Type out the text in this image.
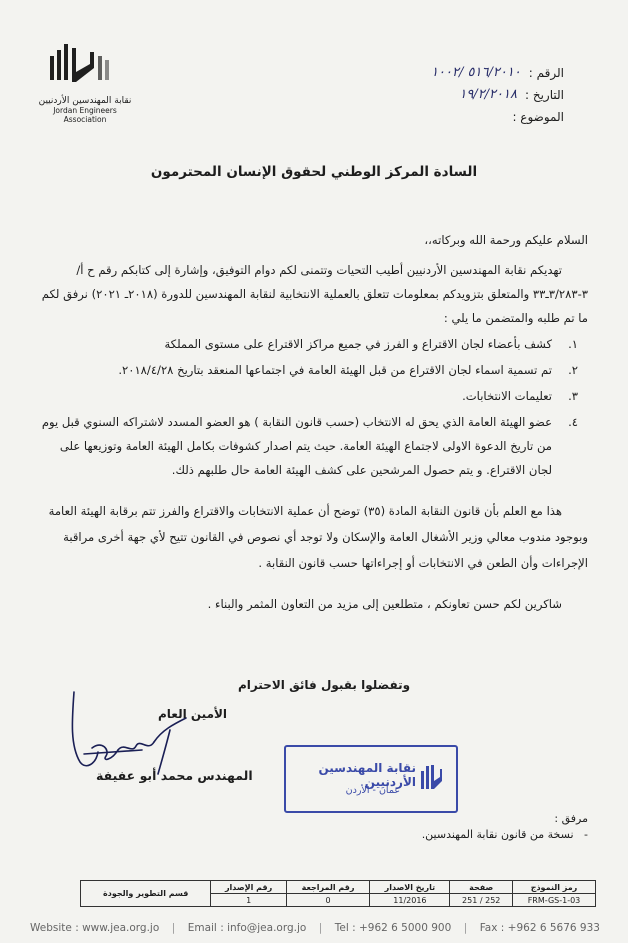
نقابة المهندسين الأردنيين
Jordan Engineers Association
الرقم :
٥١٦/٢٠١٠ /١٠٠٢
التاريخ :
١٩/٢/٢٠١٨
الموضوع :
السادة المركز الوطني لحقوق الإنسان المحترمون

السلام عليكم ورحمة الله وبركاته،،

تهديكم نقابة المهندسين الأردنيين أطيب التحيات وتتمنى لكم دوام التوفيق، وإشارة إلى كتابكم رقم ح أ/٣-٣/٢٨٣ـ٣٣ والمتعلق بتزويدكم بمعلومات تتعلق بالعملية الانتخابية لنقابة المهندسين للدورة (٢٠١٨ـ ٢٠٢١) نرفق لكم ما تم طلبه والمتضمن ما يلي :

١.
كشف بأعضاء لجان الاقتراع و الفرز في جميع مراكز الاقتراع على مستوى المملكة
٢.
تم تسمية اسماء لجان الاقتراع من قبل الهيئة العامة في اجتماعها المنعقد بتاريخ ٢٠١٨/٤/٢٨.
٣.
تعليمات الانتخابات.
٤.
عضو الهيئة العامة الذي يحق له الانتخاب (حسب قانون النقابة ) هو العضو المسدد لاشتراكه السنوي قبل يوم من تاريخ الدعوة الاولى لاجتماع الهيئة العامة. حيث يتم اصدار كشوفات بكامل الهيئة العامة وتوزيعها على لجان الاقتراع. و يتم حصول المرشحين على كشف الهيئة العامة حال طلبهم ذلك.

هذا مع العلم بأن قانون النقابة المادة (٣٥) توضح أن عملية الانتخابات والاقتراع والفرز تتم برقابة الهيئة العامة وبوجود مندوب معالي وزير الأشغال العامة والإسكان ولا توجد أي نصوص في القانون تتيح لأي جهة أخرى مراقبة الإجراءات وأن الطعن في الانتخابات أو إجراءاتها حسب قانون النقابة .

شاكرين لكم حسن تعاونكم ، متطلعين إلى مزيد من التعاون المثمر والبناء .

وتفضلوا بقبول فائق الاحترام
الأمين العام
المهندس محمد أبو عفيفة	نقابة المهندسين الأردنيين
عمان - الأردن
مرفق :
-   نسخة من قانون نقابة المهندسين.
رمز النموذج	صفحة	تاريخ الاصدار	رقم المراجعة	رقم الإصدار	قسم التطوير والجودة
FRM-GS-1-03	252 / 251	11/2016	0	1	
Website : www.jea.org.jo | Email : info@jea.org.jo | Tel : +962 6 5000 900 | Fax : +962 6 5676 933
